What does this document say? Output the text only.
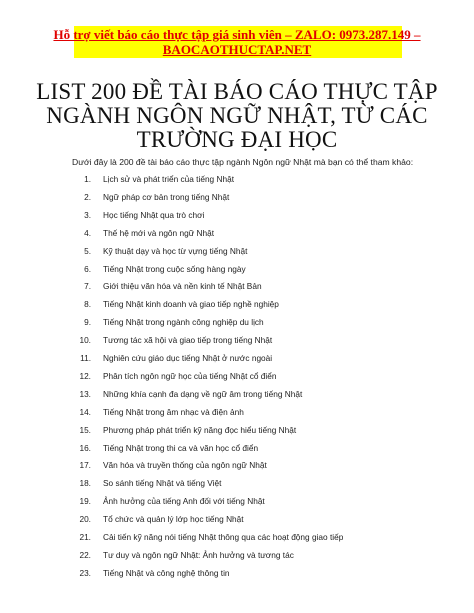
Hỗ trợ viết báo cáo thực tập giá sinh viên – ZALO: 0973.287.149 –
BAOCAOTHUCTAP.NET
LIST 200 ĐỀ TÀI BÁO CÁO THỰC TẬP
NGÀNH NGÔN NGỮ NHẬT, TỪ CÁC
TRƯỜNG ĐẠI HỌC
Dưới đây là 200 đề tài báo cáo thực tập ngành Ngôn ngữ Nhật mà bạn có thể tham khảo:
1. Lịch sử và phát triển của tiếng Nhật
2. Ngữ pháp cơ bản trong tiếng Nhật
3. Học tiếng Nhật qua trò chơi
4. Thế hệ mới và ngôn ngữ Nhật
5. Kỹ thuật dạy và học từ vựng tiếng Nhật
6. Tiếng Nhật trong cuộc sống hàng ngày
7. Giới thiệu văn hóa và nền kinh tế Nhật Bản
8. Tiếng Nhật kinh doanh và giao tiếp nghề nghiệp
9. Tiếng Nhật trong ngành công nghiệp du lịch
10. Tương tác xã hội và giao tiếp trong tiếng Nhật
11. Nghiên cứu giáo dục tiếng Nhật ở nước ngoài
12. Phân tích ngôn ngữ học của tiếng Nhật cổ điển
13. Những khía cạnh đa dạng về ngữ âm trong tiếng Nhật
14. Tiếng Nhật trong âm nhạc và điện ảnh
15. Phương pháp phát triển kỹ năng đọc hiểu tiếng Nhật
16. Tiếng Nhật trong thi ca và văn học cổ điển
17. Văn hóa và truyền thống của ngôn ngữ Nhật
18. So sánh tiếng Nhật và tiếng Việt
19. Ảnh hưởng của tiếng Anh đối với tiếng Nhật
20. Tổ chức và quản lý lớp học tiếng Nhật
21. Cải tiến kỹ năng nói tiếng Nhật thông qua các hoạt động giao tiếp
22. Tư duy và ngôn ngữ Nhật: Ảnh hưởng và tương tác
23. Tiếng Nhật và công nghệ thông tin
